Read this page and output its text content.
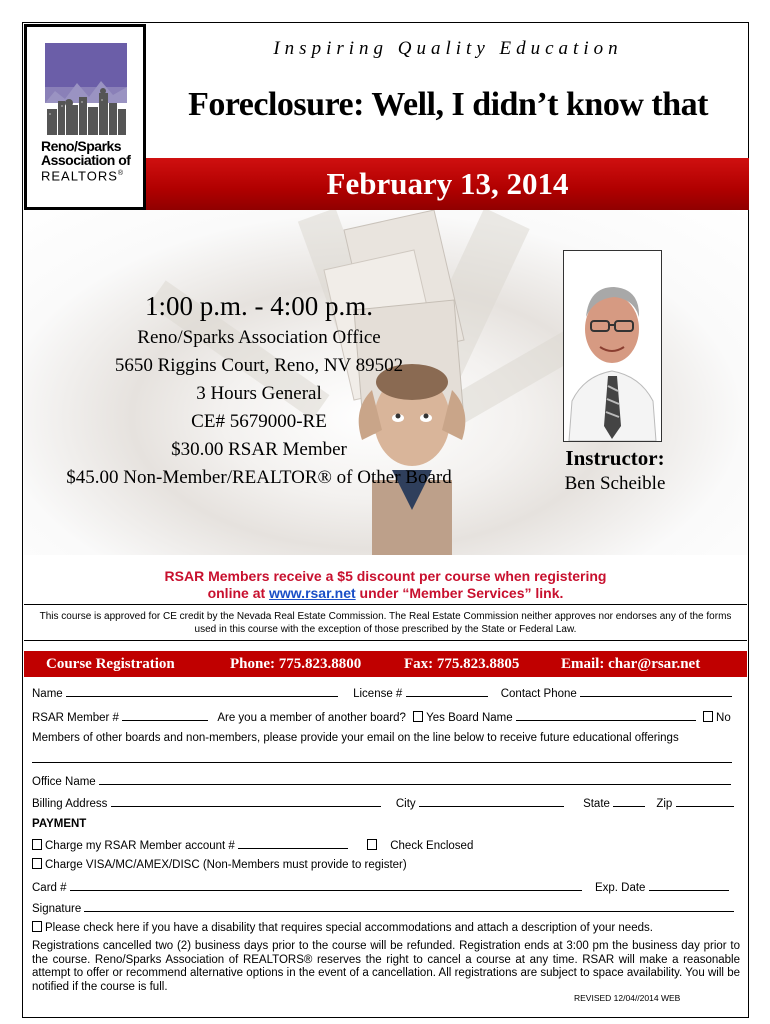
Reno/Sparks
Association of
REALTORS®
Inspiring Quality Education
Foreclosure: Well, I didn’t know that
February 13, 2014
1:00 p.m. - 4:00 p.m.
Reno/Sparks Association Office
5650 Riggins Court, Reno, NV 89502
3 Hours General
CE# 5679000-RE
$30.00 RSAR Member
$45.00 Non-Member/REALTOR® of Other Board
Instructor:
Ben Scheible
RSAR Members receive a $5 discount per course when registering
online at www.rsar.net under “Member Services” link.
This course is approved for CE credit by the Nevada Real Estate Commission. The Real Estate Commission neither approves nor endorses any of the forms used in this course with the exception of those prescribed by the State or Federal Law.
Course Registration	Phone: 775.823.8800	Fax: 775.823.8805	Email: char@rsar.net
Name	License #	Contact Phone
RSAR Member #	Are you a member of another board? Yes Board Name	No
Members of other boards and non-members, please provide your email on the line below to receive future educational offerings
Office Name
Billing Address	City	State	Zip
PAYMENT
Charge my RSAR Member account #	Check Enclosed
Charge VISA/MC/AMEX/DISC (Non-Members must provide to register)
Card #	Exp. Date
Signature
Please check here if you have a disability that requires special accommodations and attach a description of your needs.
Registrations cancelled two (2) business days prior to the course will be refunded. Registration ends at 3:00 pm the business day prior to the course. Reno/Sparks Association of REALTORS® reserves the right to cancel a course at any time. RSAR will make a reasonable attempt to offer or recommend alternative options in the event of a cancellation. All registrations are subject to space availability. You will be notified if the course is full.
REVISED 12/04//2014 WEB
